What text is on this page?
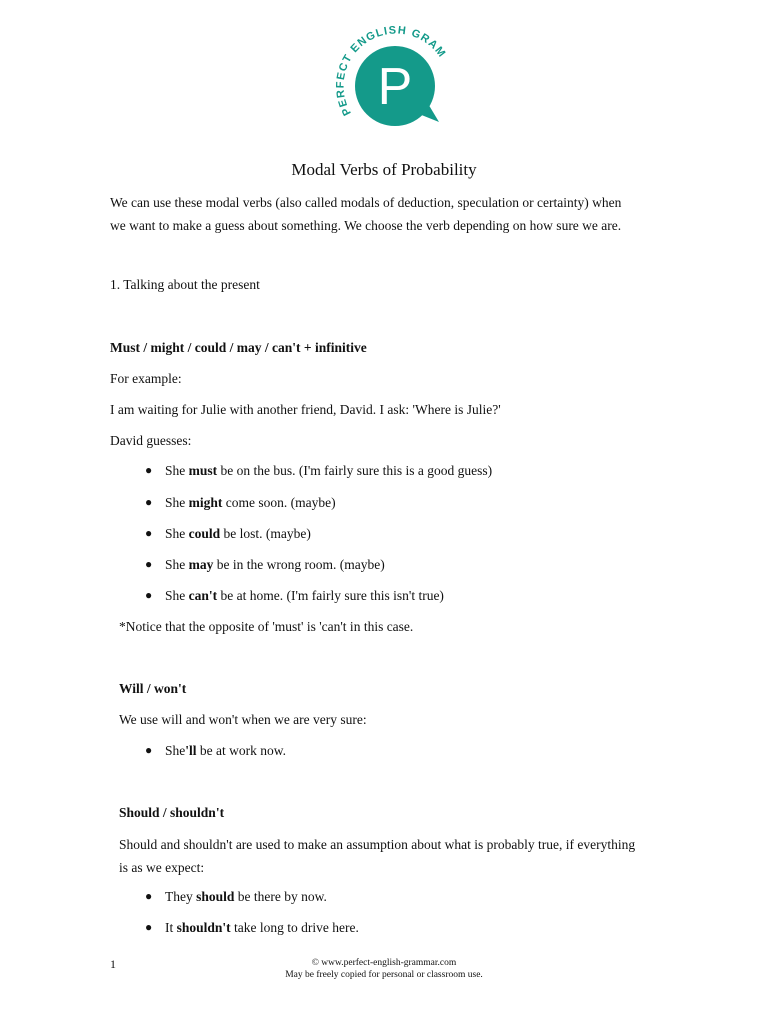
P
PERFECT ENGLISH GRAM
Modal Verbs of Probability

We can use these modal verbs (also called modals of deduction, speculation or certainty) when
we want to make a guess about something. We choose the verb depending on how sure we are.

1. Talking about the present
Must / might / could / may / can't + infinitive
For example:
I am waiting for Julie with another friend, David. I ask: 'Where is Julie?'
David guesses:
● She must be on the bus. (I'm fairly sure this is a good guess)
● She might come soon. (maybe)
● She could be lost. (maybe)
● She may be in the wrong room. (maybe)
● She can't be at home. (I'm fairly sure this isn't true)
*Notice that the opposite of 'must' is 'can't in this case.
Will / won't
We use will and won't when we are very sure:
● She'll be at work now.
Should / shouldn't

Should and shouldn't are used to make an assumption about what is probably true, if everything
is as we expect:

● They should be there by now.
● It shouldn't take long to drive here.
1	© www.perfect-english-grammar.com
May be freely copied for personal or classroom use.
